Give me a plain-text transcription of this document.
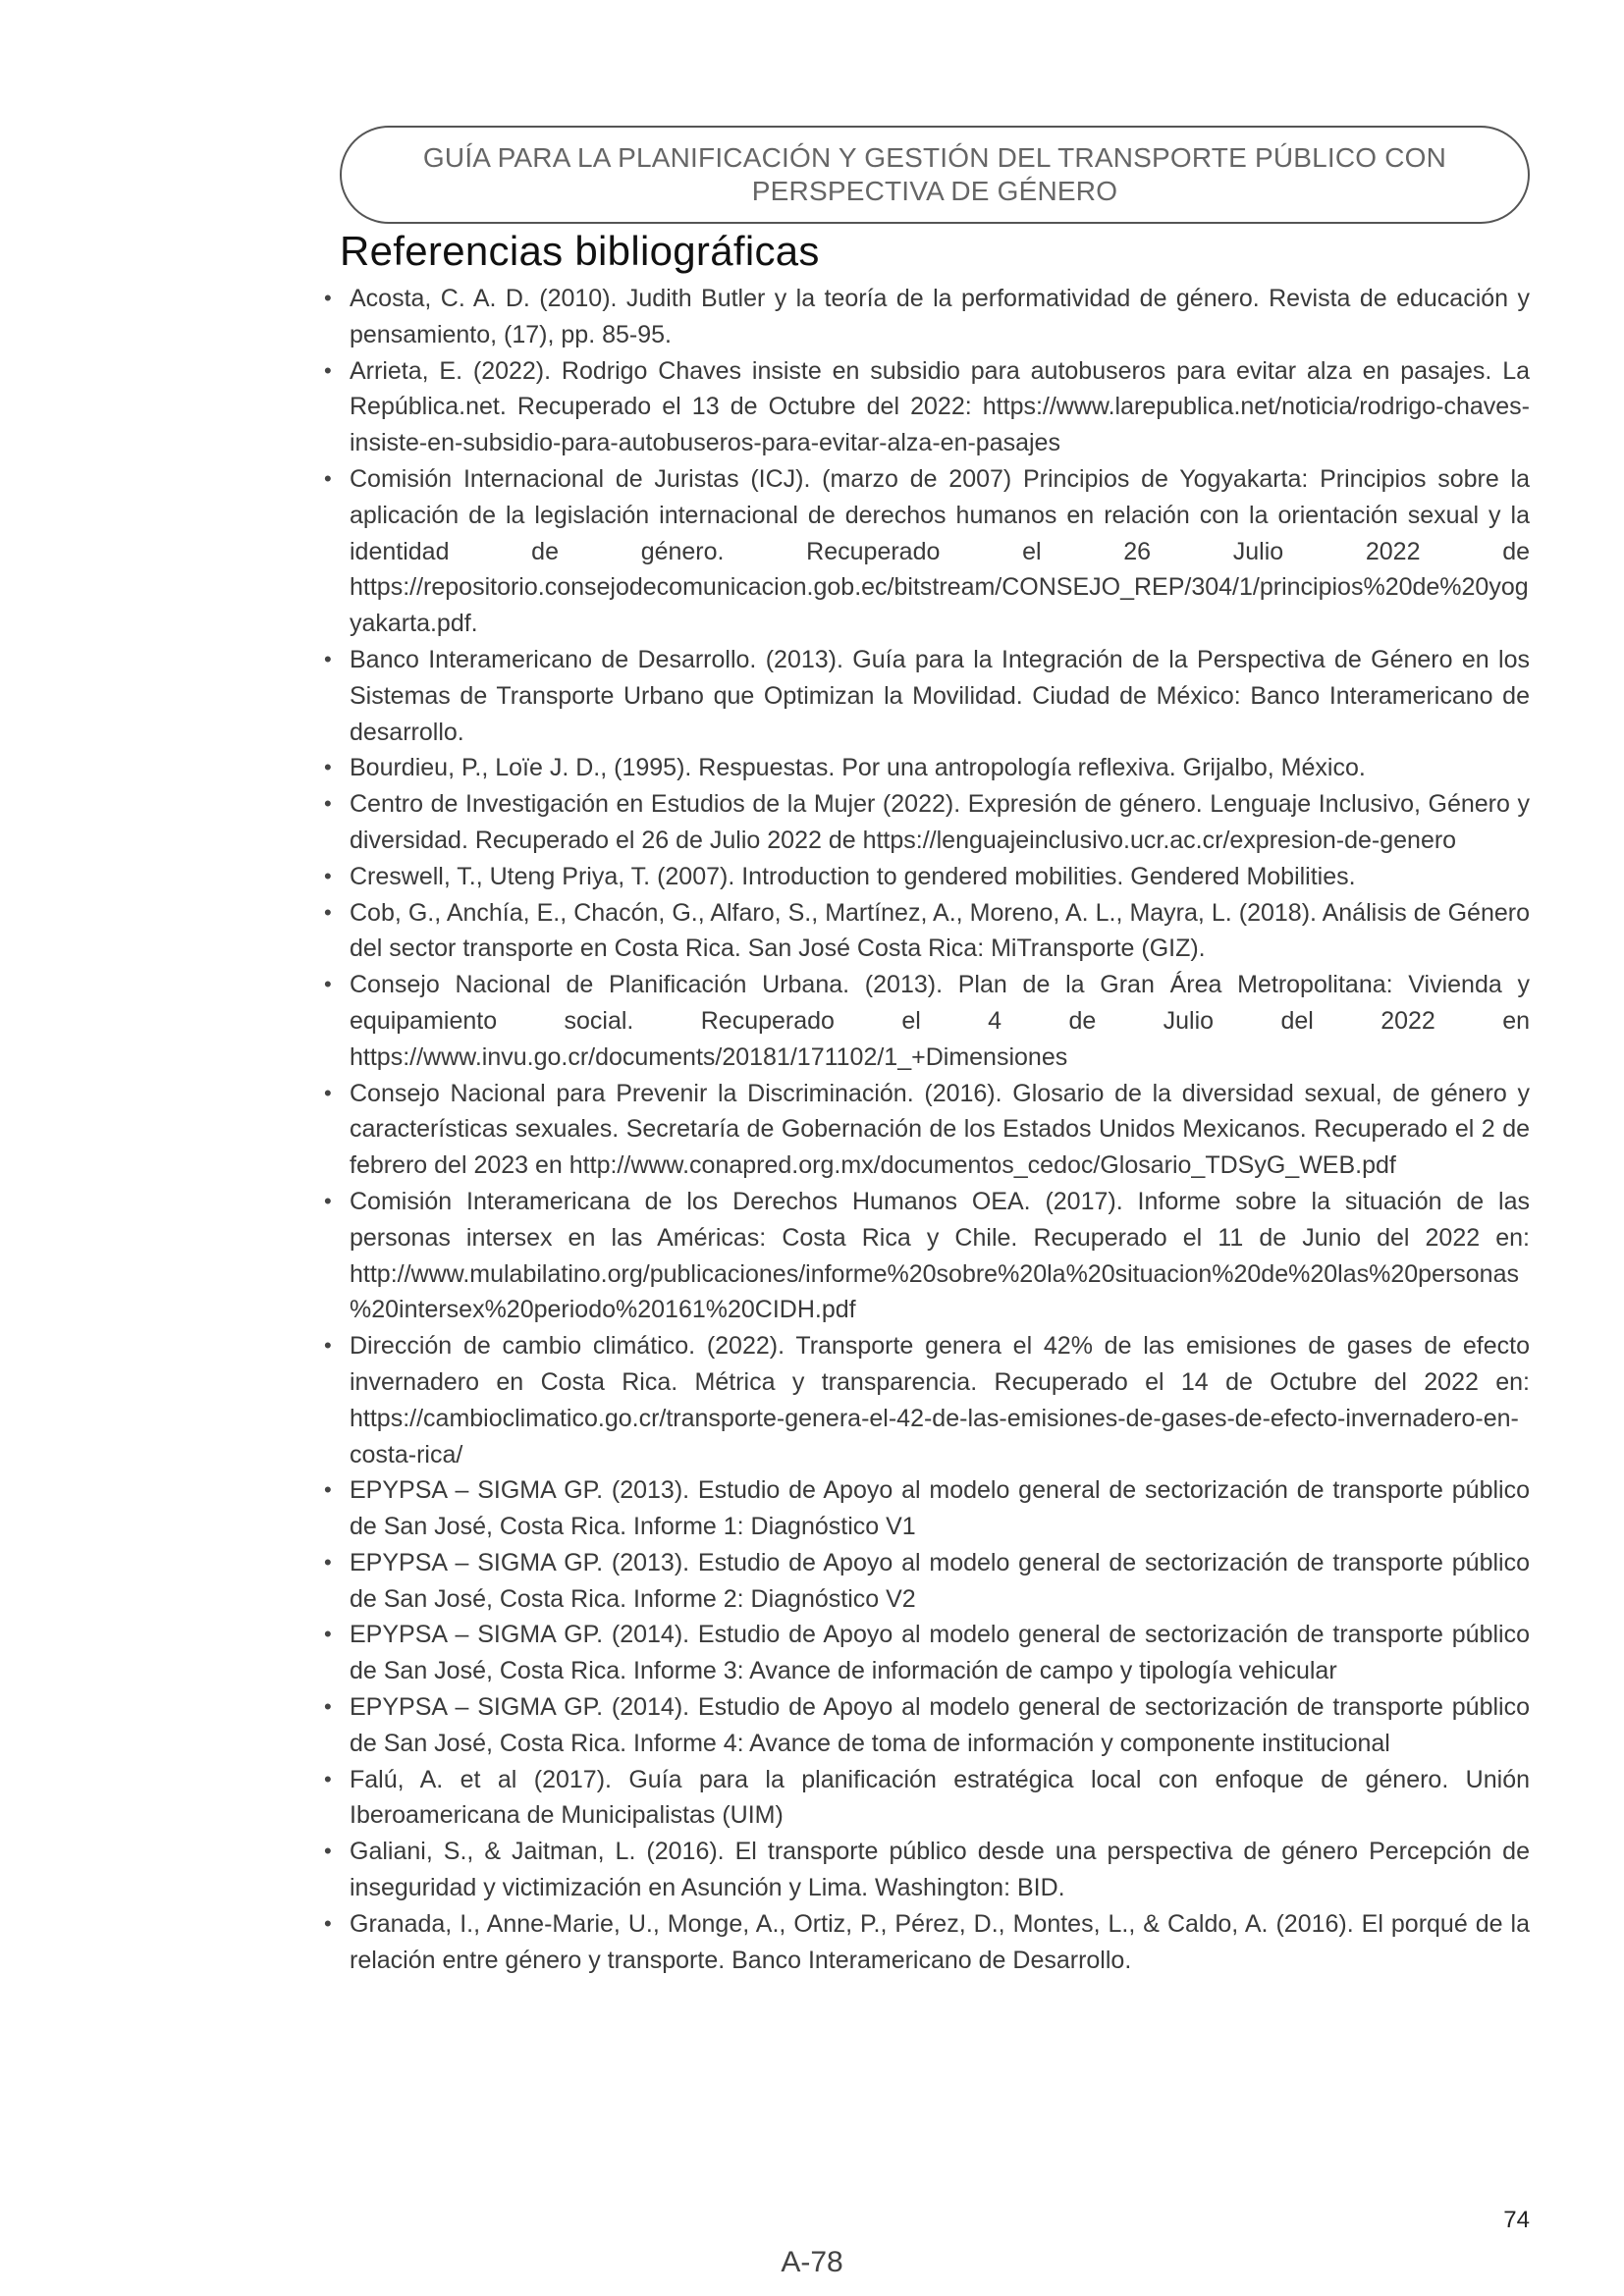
GUÍA PARA LA PLANIFICACIÓN Y GESTIÓN DEL TRANSPORTE PÚBLICO CON
PERSPECTIVA DE GÉNERO
Referencias bibliográficas
• Acosta, C. A. D. (2010). Judith Butler y la teoría de la performatividad de género. Revista de educación y pensamiento, (17), pp. 85-95.
• Arrieta, E. (2022). Rodrigo Chaves insiste en subsidio para autobuseros para evitar alza en pasajes. La República.net. Recuperado el 13 de Octubre del 2022: https://www.larepublica.net/noticia/rodrigo-chaves-insiste-en-subsidio-para-autobuseros-para-evitar-alza-en-pasajes
• Comisión Internacional de Juristas (ICJ). (marzo de 2007) Principios de Yogyakarta: Principios sobre la aplicación de la legislación internacional de derechos humanos en relación con la orientación sexual y la identidad de género. Recuperado el 26 Julio 2022 de https://repositorio.consejodecomunicacion.gob.ec/bitstream/CONSEJO_REP/304/1/principios%20de%20yogyakarta.pdf.
• Banco Interamericano de Desarrollo. (2013). Guía para la Integración de la Perspectiva de Género en los Sistemas de Transporte Urbano que Optimizan la Movilidad. Ciudad de México: Banco Interamericano de desarrollo.
• Bourdieu, P., Loïe J. D., (1995). Respuestas. Por una antropología reflexiva. Grijalbo, México.
• Centro de Investigación en Estudios de la Mujer (2022). Expresión de género. Lenguaje Inclusivo, Género y diversidad. Recuperado el 26 de Julio 2022 de https://lenguajeinclusivo.ucr.ac.cr/expresion-de-genero
• Creswell, T., Uteng Priya, T. (2007). Introduction to gendered mobilities. Gendered Mobilities.
• Cob, G., Anchía, E., Chacón, G., Alfaro, S., Martínez, A., Moreno, A. L., Mayra, L. (2018). Análisis de Género del sector transporte en Costa Rica. San José Costa Rica: MiTransporte (GIZ).
• Consejo Nacional de Planificación Urbana. (2013). Plan de la Gran Área Metropolitana: Vivienda y equipamiento social. Recuperado el 4 de Julio del 2022 en https://www.invu.go.cr/documents/20181/171102/1_+Dimensiones
• Consejo Nacional para Prevenir la Discriminación. (2016). Glosario de la diversidad sexual, de género y características sexuales. Secretaría de Gobernación de los Estados Unidos Mexicanos. Recuperado el 2 de febrero del 2023 en http://www.conapred.org.mx/documentos_cedoc/Glosario_TDSyG_WEB.pdf
• Comisión Interamericana de los Derechos Humanos OEA. (2017). Informe sobre la situación de las personas intersex en las Américas: Costa Rica y Chile. Recuperado el 11 de Junio del 2022 en: http://www.mulabilatino.org/publicaciones/informe%20sobre%20la%20situacion%20de%20las%20personas%20intersex%20periodo%20161%20CIDH.pdf
• Dirección de cambio climático. (2022). Transporte genera el 42% de las emisiones de gases de efecto invernadero en Costa Rica. Métrica y transparencia. Recuperado el 14 de Octubre del 2022 en: https://cambioclimatico.go.cr/transporte-genera-el-42-de-las-emisiones-de-gases-de-efecto-invernadero-en-costa-rica/
• EPYPSA – SIGMA GP. (2013). Estudio de Apoyo al modelo general de sectorización de transporte público de San José, Costa Rica. Informe 1: Diagnóstico V1
• EPYPSA – SIGMA GP. (2013). Estudio de Apoyo al modelo general de sectorización de transporte público de San José, Costa Rica. Informe 2: Diagnóstico V2
• EPYPSA – SIGMA GP. (2014). Estudio de Apoyo al modelo general de sectorización de transporte público de San José, Costa Rica. Informe 3: Avance de información de campo y tipología vehicular
• EPYPSA – SIGMA GP. (2014). Estudio de Apoyo al modelo general de sectorización de transporte público de San José, Costa Rica. Informe 4: Avance de toma de información y componente institucional
• Falú, A. et al (2017). Guía para la planificación estratégica local con enfoque de género. Unión Iberoamericana de Municipalistas (UIM)
• Galiani, S., & Jaitman, L. (2016). El transporte público desde una perspectiva de género Percepción de inseguridad y victimización en Asunción y Lima. Washington: BID.
• Granada, I., Anne-Marie, U., Monge, A., Ortiz, P., Pérez, D., Montes, L., & Caldo, A. (2016). El porqué de la relación entre género y transporte. Banco Interamericano de Desarrollo.
74
A-78
